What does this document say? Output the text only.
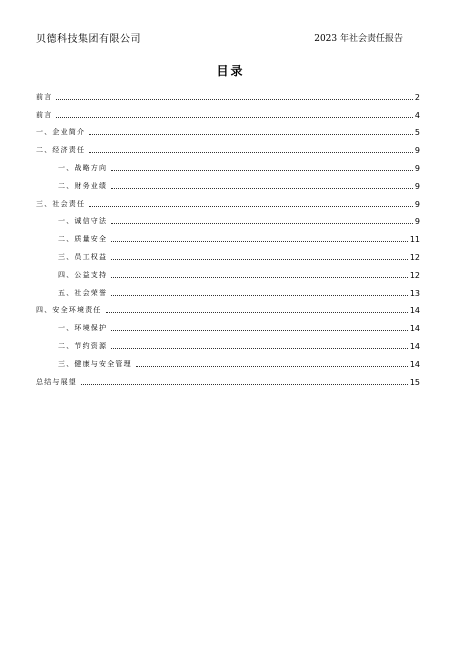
贝德科技集团有限公司	2023 年社会责任报告
目录
前言	2
前言	4
一、企业简介	5
二、经济责任	9
一、战略方向	9
二、财务业绩	9
三、社会责任	9
一、诚信守法	9
二、质量安全	11
三、员工权益	12
四、公益支持	12
五、社会荣誉	13
四、安全环境责任	14
一、环境保护	14
二、节约资源	14
三、健康与安全管理	14
总结与展望	15
